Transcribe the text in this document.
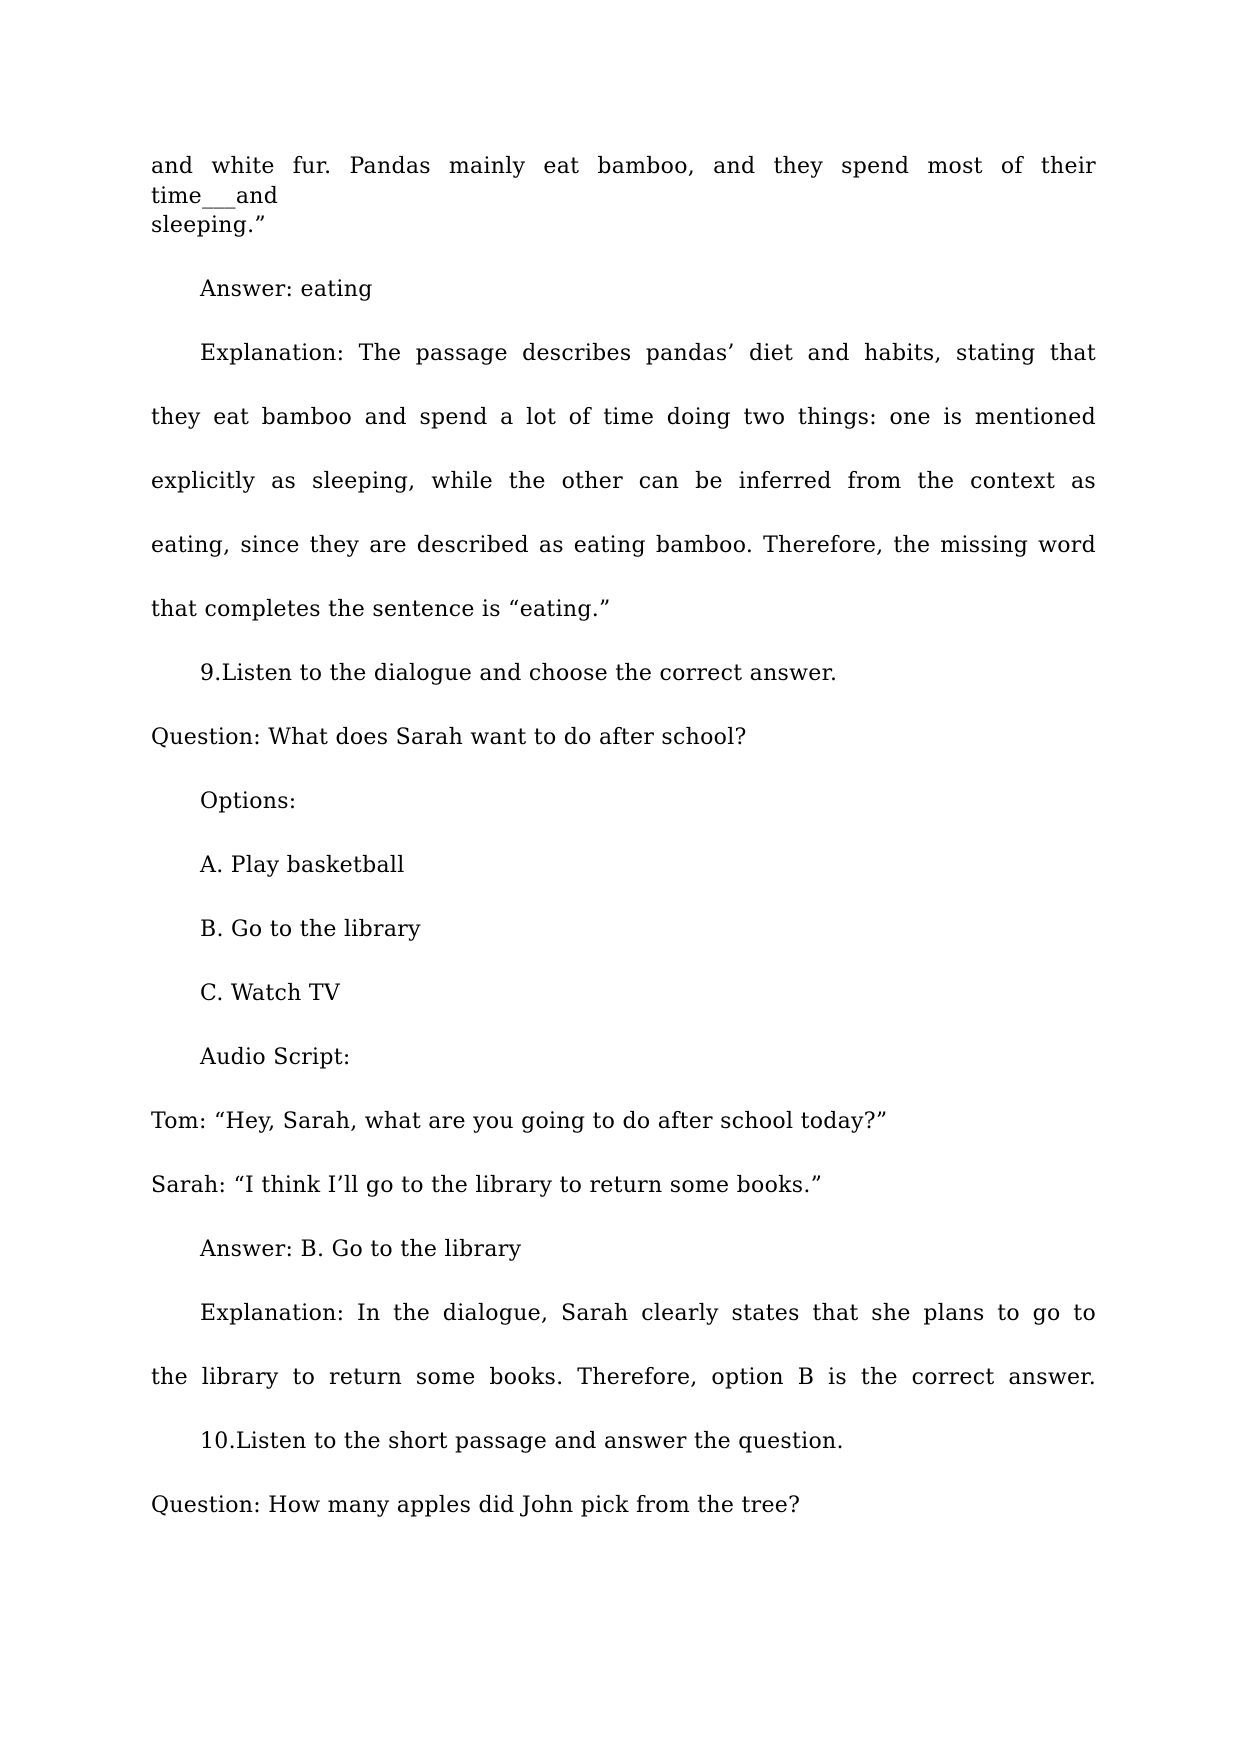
and white fur. Pandas mainly eat bamboo, and they spend most of their time___and
sleeping.”
Answer: eating
Explanation: The passage describes pandas’ diet and habits, stating that
they eat bamboo and spend a lot of time doing two things: one is mentioned
explicitly as sleeping, while the other can be inferred from the context as
eating, since they are described as eating bamboo. Therefore, the missing word
that completes the sentence is “eating.”
9.Listen to the dialogue and choose the correct answer.
Question: What does Sarah want to do after school?
Options:
A. Play basketball
B. Go to the library
C. Watch TV
Audio Script:
Tom: “Hey, Sarah, what are you going to do after school today?”
Sarah: “I think I’ll go to the library to return some books.”
Answer: B. Go to the library
Explanation: In the dialogue, Sarah clearly states that she plans to go to
the library to return some books. Therefore, option B is the correct answer.
10.Listen to the short passage and answer the question.
Question: How many apples did John pick from the tree?
